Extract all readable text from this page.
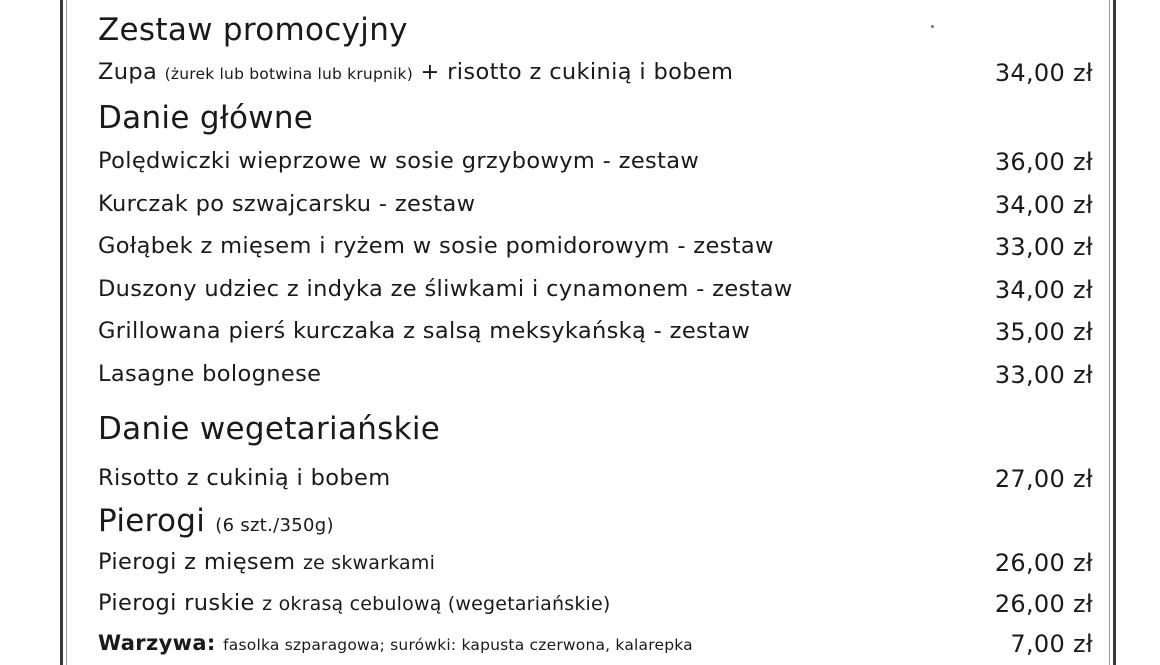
Zestaw promocyjny
Zupa (żurek lub botwina lub krupnik) + risotto z cukinią i bobem	34,00 zł
Danie główne
Polędwiczki wieprzowe w sosie grzybowym - zestaw	36,00 zł
Kurczak po szwajcarsku - zestaw	34,00 zł
Gołąbek z mięsem i ryżem w sosie pomidorowym - zestaw	33,00 zł
Duszony udziec z indyka ze śliwkami i cynamonem - zestaw	34,00 zł
Grillowana pierś kurczaka z salsą meksykańską - zestaw	35,00 zł
Lasagne bolognese	33,00 zł
Danie wegetariańskie
Risotto z cukinią i bobem	27,00 zł
Pierogi (6 szt./350g)
Pierogi z mięsem ze skwarkami	26,00 zł
Pierogi ruskie z okrasą cebulową (wegetariańskie)	26,00 zł
Warzywa: fasolka szparagowa; surówki: kapusta czerwona, kalarepka	7,00 zł
